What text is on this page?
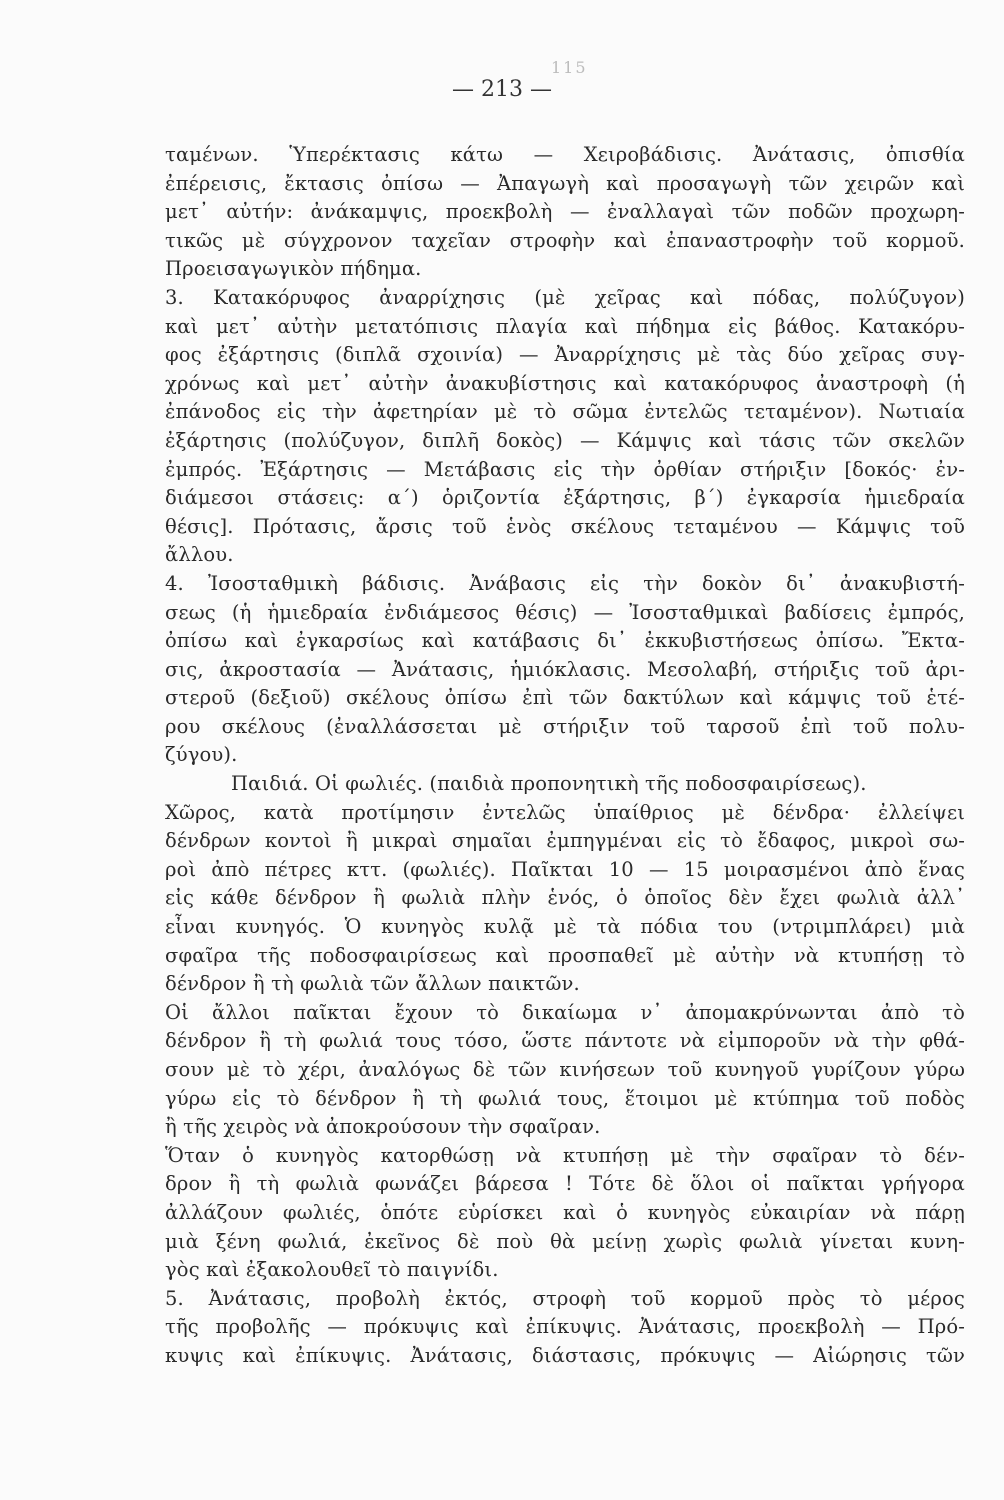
115
— 213 —
ταμένων. Ὑπερέκτασις κάτω — Χειροβάδισις. Ἀνάτασις, ὀπισθία
ἐπέρεισις, ἔκτασις ὀπίσω — Ἀπαγωγὴ καὶ προσαγωγὴ τῶν χειρῶν καὶ
μετ᾽ αὐτήν: ἀνάκαμψις, προεκβολὴ — ἐναλλαγαὶ τῶν ποδῶν προχωρη-
τικῶς μὲ σύγχρονον ταχεῖαν στροφὴν καὶ ἐπαναστροφὴν τοῦ κορμοῦ.
Προεισαγωγικὸν πήδημα.
3. Κατακόρυφος ἀναρρίχησις (μὲ χεῖρας καὶ πόδας, πολύζυγον)
καὶ μετ᾽ αὐτὴν μετατόπισις πλαγία καὶ πήδημα εἰς βάθος. Κατακόρυ-
φος ἐξάρτησις (διπλᾶ σχοινία) — Ἀναρρίχησις μὲ τὰς δύο χεῖρας συγ-
χρόνως καὶ μετ᾽ αὐτὴν ἀνακυβίστησις καὶ κατακόρυφος ἀναστροφὴ (ἡ
ἐπάνοδος εἰς τὴν ἀφετηρίαν μὲ τὸ σῶμα ἐντελῶς τεταμένον). Νωτιαία
ἐξάρτησις (πολύζυγον, διπλῆ δοκὸς) — Κάμψις καὶ τάσις τῶν σκελῶν
ἐμπρός. Ἐξάρτησις — Μετάβασις εἰς τὴν ὀρθίαν στήριξιν [δοκός· ἐν-
διάμεσοι στάσεις: α´) ὁριζοντία ἐξάρτησις, β´) ἐγκαρσία ἡμιεδραία
θέσις]. Πρότασις, ἄρσις τοῦ ἑνὸς σκέλους τεταμένου — Κάμψις τοῦ
ἄλλου.
4. Ἰσοσταθμικὴ βάδισις. Ἀνάβασις εἰς τὴν δοκὸν δι᾽ ἀνακυβιστή-
σεως (ἡ ἡμιεδραία ἐνδιάμεσος θέσις) — Ἰσοσταθμικαὶ βαδίσεις ἐμπρός,
ὀπίσω καὶ ἐγκαρσίως καὶ κατάβασις δι᾽ ἐκκυβιστήσεως ὀπίσω. Ἔκτα-
σις, ἀκροστασία — Ἀνάτασις, ἡμιόκλασις. Μεσολαβή, στήριξις τοῦ ἀρι-
στεροῦ (δεξιοῦ) σκέλους ὀπίσω ἐπὶ τῶν δακτύλων καὶ κάμψις τοῦ ἑτέ-
ρου σκέλους (ἐναλλάσσεται μὲ στήριξιν τοῦ ταρσοῦ ἐπὶ τοῦ πολυ-
ζύγου).
Παιδιά. Οἱ φωλιές. (παιδιὰ προπονητικὴ τῆς ποδοσφαιρίσεως).
Χῶρος, κατὰ προτίμησιν ἐντελῶς ὑπαίθριος μὲ δένδρα· ἐλλείψει
δένδρων κοντοὶ ἢ μικραὶ σημαῖαι ἐμπηγμέναι εἰς τὸ ἔδαφος, μικροὶ σω-
ροὶ ἀπὸ πέτρες κττ. (φωλιές). Παῖκται 10 — 15 μοιρασμένοι ἀπὸ ἕνας
εἰς κάθε δένδρον ἢ φωλιὰ πλὴν ἑνός, ὁ ὁποῖος δὲν ἔχει φωλιὰ ἀλλ᾽
εἶναι κυνηγός. Ὁ κυνηγὸς κυλᾷ μὲ τὰ πόδια του (ντριμπλάρει) μιὰ
σφαῖρα τῆς ποδοσφαιρίσεως καὶ προσπαθεῖ μὲ αὐτὴν νὰ κτυπήσῃ τὸ
δένδρον ἢ τὴ φωλιὰ τῶν ἄλλων παικτῶν.
Οἱ ἄλλοι παῖκται ἔχουν τὸ δικαίωμα ν᾽ ἀπομακρύνωνται ἀπὸ τὸ
δένδρον ἢ τὴ φωλιά τους τόσο, ὥστε πάντοτε νὰ εἰμποροῦν νὰ τὴν φθά-
σουν μὲ τὸ χέρι, ἀναλόγως δὲ τῶν κινήσεων τοῦ κυνηγοῦ γυρίζουν γύρω
γύρω εἰς τὸ δένδρον ἢ τὴ φωλιά τους, ἕτοιμοι μὲ κτύπημα τοῦ ποδὸς
ἢ τῆς χειρὸς νὰ ἀποκρούσουν τὴν σφαῖραν.
Ὅταν ὁ κυνηγὸς κατορθώσῃ νὰ κτυπήσῃ μὲ τὴν σφαῖραν τὸ δέν-
δρον ἢ τὴ φωλιὰ φωνάζει βάρεσα ! Τότε δὲ ὅλοι οἱ παῖκται γρήγορα
ἀλλάζουν φωλιές, ὁπότε εὑρίσκει καὶ ὁ κυνηγὸς εὐκαιρίαν νὰ πάρῃ
μιὰ ξένη φωλιά, ἐκεῖνος δὲ ποὺ θὰ μείνῃ χωρὶς φωλιὰ γίνεται κυνη-
γὸς καὶ ἐξακολουθεῖ τὸ παιγνίδι.
5. Ἀνάτασις, προβολὴ ἐκτός, στροφὴ τοῦ κορμοῦ πρὸς τὸ μέρος
τῆς προβολῆς — πρόκυψις καὶ ἐπίκυψις. Ἀνάτασις, προεκβολὴ — Πρό-
κυψις καὶ ἐπίκυψις. Ἀνάτασις, διάστασις, πρόκυψις — Αἰώρησις τῶν
